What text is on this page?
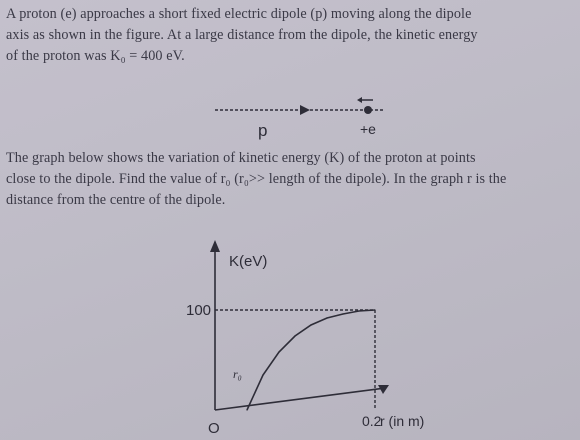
A proton (e) approaches a short fixed electric dipole (p) moving along the dipole
axis as shown in the figure. At a large distance from the dipole, the kinetic energy
of the proton was K₀ = 400 eV.

p	+e

The graph below shows the variation of kinetic energy (K) of the proton at points
close to the dipole. Find the value of r₀ (r₀>> length of the dipole). In the graph r is the
distance from the centre of the dipole.

K(eV)
r (in m)
O
100
0.2
r₀
